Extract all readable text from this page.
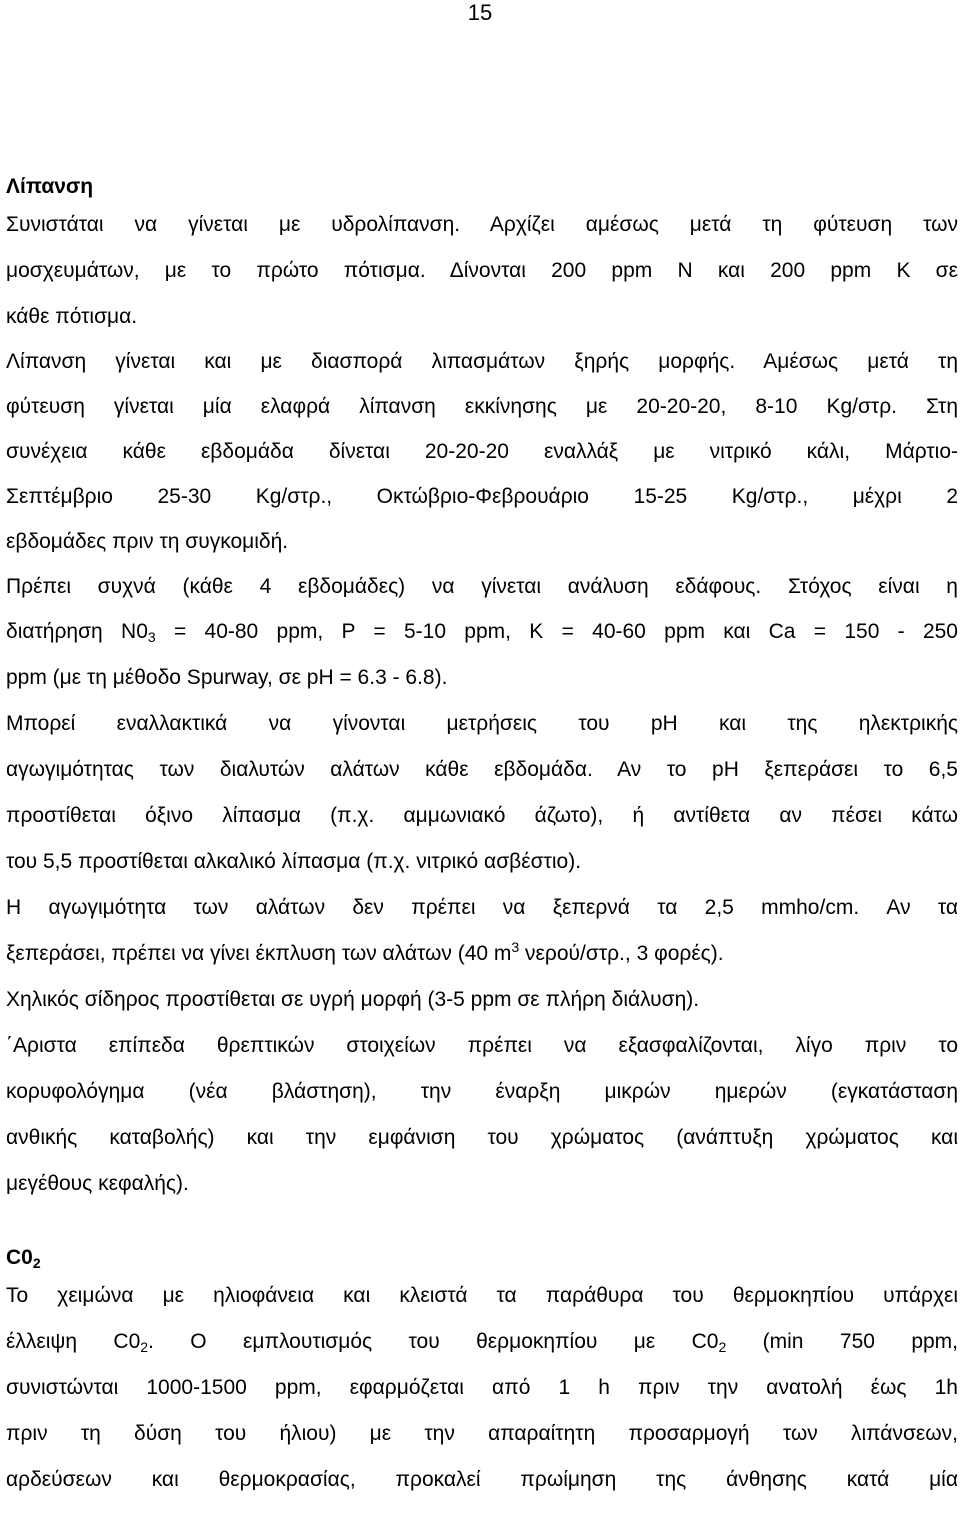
15
Λίπανση
Συνιστάται να γίνεται με υδρολίπανση. Αρχίζει αμέσως μετά τη φύτευση των
μοσχευμάτων, με το πρώτο πότισμα. Δίνονται 200 ppm N και 200 ppm K σε
κάθε πότισμα.
Λίπανση γίνεται και με διασπορά λιπασμάτων ξηρής μορφής. Αμέσως μετά τη
φύτευση γίνεται μία ελαφρά λίπανση εκκίνησης με 20-20-20, 8-10 Kg/στρ. Στη
συνέχεια κάθε εβδομάδα δίνεται 20-20-20 εναλλάξ με νιτρικό κάλι, Μάρτιο-
Σεπτέμβριο 25-30 Kg/στρ., Οκτώβριο-Φεβρουάριο 15-25 Kg/στρ., μέχρι 2
εβδομάδες πριν τη συγκομιδή.
Πρέπει συχνά (κάθε 4 εβδομάδες) να γίνεται ανάλυση εδάφους. Στόχος είναι η
διατήρηση $N0_3 = 40-80$ ppm, P = 5-10 ppm, K = 40-60 ppm και Ca = 150 - 250
ppm (με τη μέθοδο Spurway, σε pH = 6.3 - 6.8).
Μπορεί εναλλακτικά να γίνονται μετρήσεις του pH και της ηλεκτρικής
αγωγιμότητας των διαλυτών αλάτων κάθε εβδομάδα. Αν το pH ξεπεράσει το 6,5
προστίθεται όξινο λίπασμα (π.χ. αμμωνιακό άζωτο), ή αντίθετα αν πέσει κάτω
του 5,5 προστίθεται αλκαλικό λίπασμα (π.χ. νιτρικό ασβέστιο).
Η αγωγιμότητα των αλάτων δεν πρέπει να ξεπερνά τα 2,5 mmho/cm. Αν τα
ξεπεράσει, πρέπει να γίνει έκπλυση των αλάτων (40 $m^3$ νερού/στρ., 3 φορές).
Χηλικός σίδηρος προστίθεται σε υγρή μορφή (3-5 ppm σε πλήρη διάλυση).
΄Αριστα επίπεδα θρεπτικών στοιχείων πρέπει να εξασφαλίζονται, λίγο πριν το
κορυφολόγημα (νέα βλάστηση), την έναρξη μικρών ημερών (εγκατάσταση
ανθικής καταβολής) και την εμφάνιση του χρώματος (ανάπτυξη χρώματος και
μεγέθους κεφαλής).
$C0_2$
Το χειμώνα με ηλιοφάνεια και κλειστά τα παράθυρα του θερμοκηπίου υπάρχει
έλλειψη $C0_2$. Ο εμπλουτισμός του θερμοκηπίου με $C0_2$ (min 750 ppm,
συνιστώνται 1000-1500 ppm, εφαρμόζεται από 1 h πριν την ανατολή έως 1h
πριν τη δύση του ήλιου) με την απαραίτητη προσαρμογή των λιπάνσεων,
αρδεύσεων και θερμοκρασίας, προκαλεί πρωίμηση της άνθησης κατά μία
